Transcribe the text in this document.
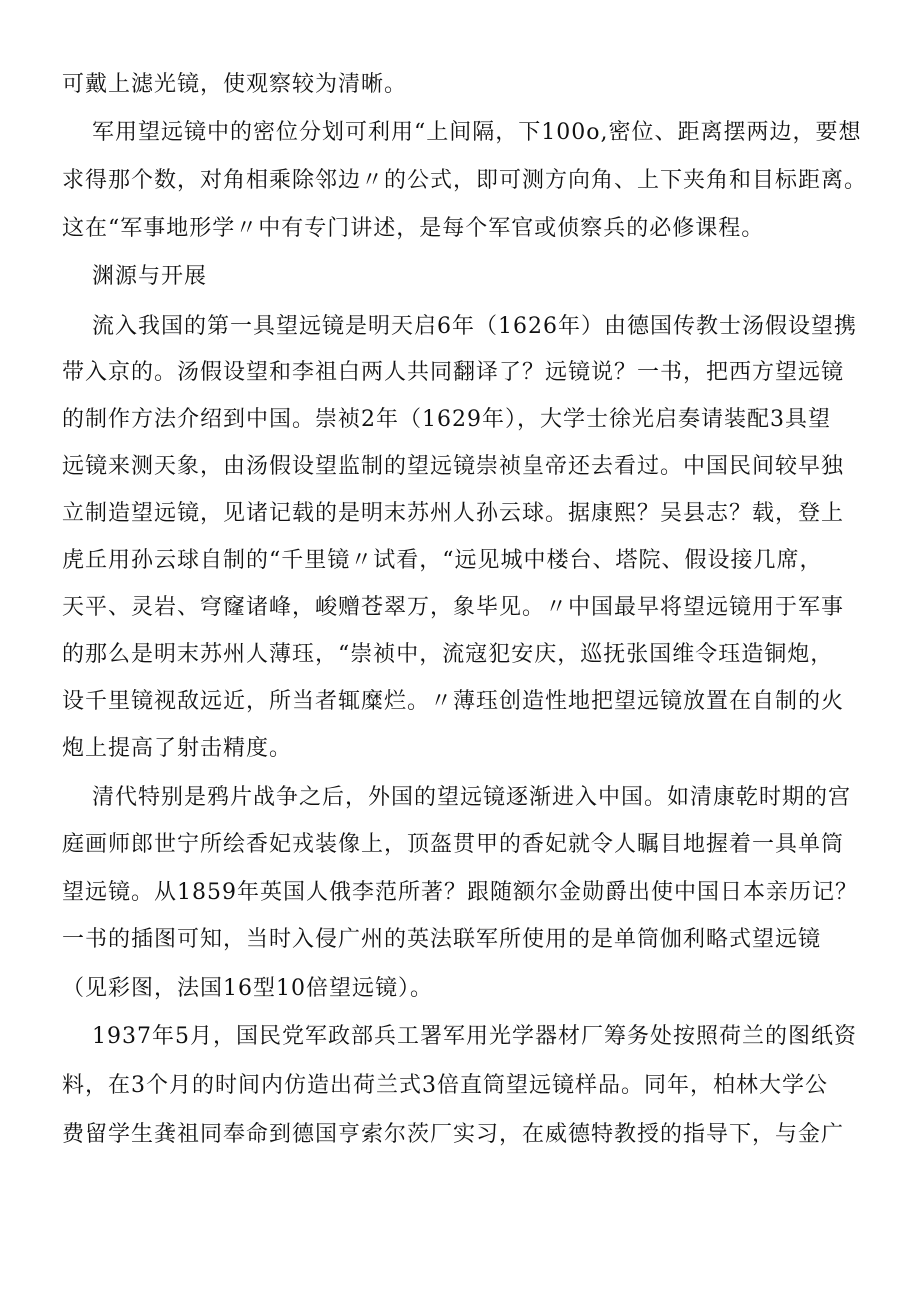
可戴上滤光镜，使观察较为清晰。
军用望远镜中的密位分划可利用“上间隔，下100o,密位、距离摆两边，要想
求得那个数，对角相乘除邻边〃的公式，即可测方向角、上下夹角和目标距离。
这在“军事地形学〃中有专门讲述，是每个军官或侦察兵的必修课程。
渊源与开展
流入我国的第一具望远镜是明天启6年（1626年）由德国传教士汤假设望携
带入京的。汤假设望和李祖白两人共同翻译了？远镜说？一书，把西方望远镜
的制作方法介绍到中国。崇祯2年（1629年），大学士徐光启奏请装配3具望
远镜来测天象，由汤假设望监制的望远镜崇祯皇帝还去看过。中国民间较早独
立制造望远镜，见诸记载的是明末苏州人孙云球。据康熙？吴县志？载，登上
虎丘用孙云球自制的“千里镜〃试看，“远见城中楼台、塔院、假设接几席，
天平、灵岩、穹窿诸峰，峻赠苍翠万，象毕见。〃中国最早将望远镜用于军事
的那么是明末苏州人薄珏，“崇祯中，流寇犯安庆，巡抚张国维令珏造铜炮，
设千里镜视敌远近，所当者辄糜烂。〃薄珏创造性地把望远镜放置在自制的火
炮上提高了射击精度。
清代特别是鸦片战争之后，外国的望远镜逐渐进入中国。如清康乾时期的宫
庭画师郎世宁所绘香妃戎装像上，顶盔贯甲的香妃就令人瞩目地握着一具单筒
望远镜。从1859年英国人俄李范所著？跟随额尔金勋爵出使中国日本亲历记？
一书的插图可知，当时入侵广州的英法联军所使用的是单筒伽利略式望远镜
（见彩图，法国16型10倍望远镜）。
1937年5月，国民党军政部兵工署军用光学器材厂筹务处按照荷兰的图纸资
料，在3个月的时间内仿造出荷兰式3倍直筒望远镜样品。同年，柏林大学公
费留学生龚祖同奉命到德国亨索尔茨厂实习，在威德特教授的指导下，与金广
